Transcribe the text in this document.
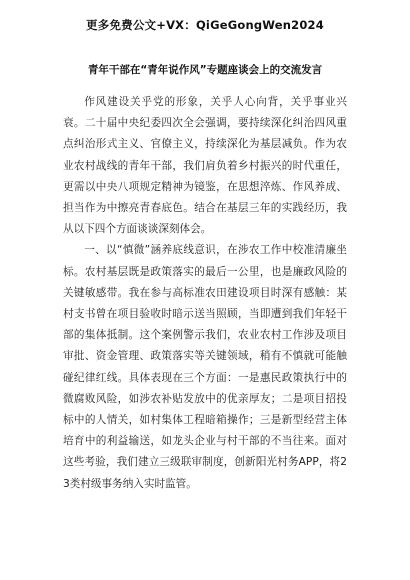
更多免费公文+VX：QiGeGongWen2024
青年干部在“青年说作风”专题座谈会上的交流发言

作风建设关乎党的形象，关乎人心向背，关乎事业兴衰。二十届中央纪委四次全会强调，要持续深化纠治四风重点纠治形式主义、官僚主义，持续深化为基层减负。作为农业农村战线的青年干部，我们肩负着乡村振兴的时代重任，更需以中央八项规定精神为镜鉴，在思想淬炼、作风养成、担当作为中擦亮青春底色。结合在基层三年的实践经历，我从以下四个方面谈谈深刻体会。

一、以“慎微”涵养底线意识，在涉农工作中校准清廉坐标。农村基层既是政策落实的最后一公里，也是廉政风险的关键敏感带。我在参与高标准农田建设项目时深有感触：某村支书曾在项目验收时暗示送当照顾，当即遭到我们年轻干部的集体抵制。这个案例警示我们，农业农村工作涉及项目审批、资金管理、政策落实等关键领域，稍有不慎就可能触碰纪律红线。具体表现在三个方面：一是惠民政策执行中的微腐败风险，如涉农补贴发放中的优亲厚友；二是项目招投标中的人情关，如村集体工程暗箱操作；三是新型经营主体培育中的利益输送，如龙头企业与村干部的不当往来。面对这些考验，我们建立三级联审制度，创新阳光村务APP，将23类村级事务纳入实时监管。
